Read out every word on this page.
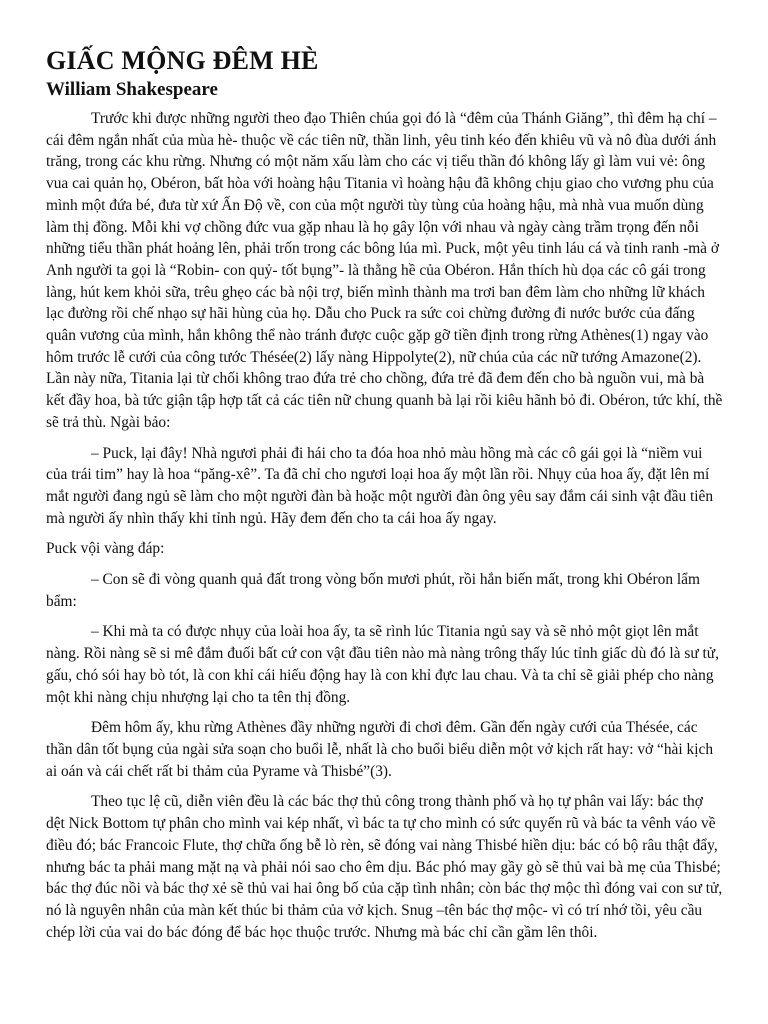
GIẤC MỘNG ĐÊM HÈ
William Shakespeare

Trước khi được những người theo đạo Thiên chúa gọi đó là “đêm của Thánh Giăng”, thì đêm hạ chí –cái đêm ngắn nhất của mùa hè- thuộc về các tiên nữ, thần linh, yêu tinh kéo đến khiêu vũ và nô đùa dưới ánh trăng, trong các khu rừng. Nhưng có một năm xấu làm cho các vị tiểu thần đó không lấy gì làm vui vẻ: ông vua cai quản họ, Obéron, bất hòa với hoàng hậu Titania vì hoàng hậu đã không chịu giao cho vương phu của mình một đứa bé, đưa từ xứ Ấn Độ về, con của một người tùy tùng của hoàng hậu, mà nhà vua muốn dùng làm thị đồng. Mỗi khi vợ chồng đức vua gặp nhau là họ gây lộn với nhau và ngày càng trầm trọng đến nỗi những tiểu thần phát hoảng lên, phải trốn trong các bông lúa mì. Puck, một yêu tinh láu cá và tinh ranh -mà ở Anh người ta gọi là “Robin- con quỷ- tốt bụng”- là thằng hề của Obéron. Hắn thích hù dọa các cô gái trong làng, hút kem khỏi sữa, trêu ghẹo các bà nội trợ, biến mình thành ma trơi ban đêm làm cho những lữ khách lạc đường rồi chế nhạo sự hãi hùng của họ. Dẫu cho Puck ra sức coi chừng đường đi nước bước của đấng quân vương của mình, hắn không thể nào tránh được cuộc gặp gỡ tiền định trong rừng Athènes(1) ngay vào hôm trước lễ cưới của công tước Thésée(2) lấy nàng Hippolyte(2), nữ chúa của các nữ tướng Amazone(2). Lần này nữa, Titania lại từ chối không trao đứa trẻ cho chồng, đứa trẻ đã đem đến cho bà nguồn vui, mà bà kết đầy hoa, bà tức giận tập hợp tất cả các tiên nữ chung quanh bà lại rồi kiêu hãnh bỏ đi. Obéron, tức khí, thề sẽ trả thù. Ngài bảo:

– Puck, lại đây! Nhà ngươi phải đi hái cho ta đóa hoa nhỏ màu hồng mà các cô gái gọi là “niềm vui của trái tim” hay là hoa “păng-xê”. Ta đã chỉ cho ngươi loại hoa ấy một lần rồi. Nhụy của hoa ấy, đặt lên mí mắt người đang ngủ sẽ làm cho một người đàn bà hoặc một người đàn ông yêu say đắm cái sinh vật đầu tiên mà người ấy nhìn thấy khi tỉnh ngủ. Hãy đem đến cho ta cái hoa ấy ngay.

Puck vội vàng đáp:

– Con sẽ đi vòng quanh quả đất trong vòng bốn mươi phút, rồi hắn biến mất, trong khi Obéron lẩm bẩm:

– Khi mà ta có được nhụy của loài hoa ấy, ta sẽ rình lúc Titania ngủ say và sẽ nhỏ một giọt lên mắt nàng. Rồi nàng sẽ si mê đắm đuối bất cứ con vật đầu tiên nào mà nàng trông thấy lúc tỉnh giấc dù đó là sư tử, gấu, chó sói hay bò tót, là con khỉ cái hiếu động hay là con khỉ đực lau chau. Và ta chỉ sẽ giải phép cho nàng một khi nàng chịu nhượng lại cho ta tên thị đồng.

Đêm hôm ấy, khu rừng Athènes đầy những người đi chơi đêm. Gần đến ngày cưới của Thésée, các thần dân tốt bụng của ngài sửa soạn cho buổi lễ, nhất là cho buổi biểu diễn một vở kịch rất hay: vở “hài kịch ai oán và cái chết rất bi thảm của Pyrame và Thisbé”(3).

Theo tục lệ cũ, diễn viên đều là các bác thợ thủ công trong thành phố và họ tự phân vai lấy: bác thợ dệt Nick Bottom tự phân cho mình vai kép nhất, vì bác ta tự cho mình có sức quyến rũ và bác ta vênh váo về điều đó; bác Francoic Flute, thợ chữa ống bễ lò rèn, sẽ đóng vai nàng Thisbé hiền dịu: bác có bộ râu thật đẩy, nhưng bác ta phải mang mặt nạ và phải nói sao cho êm dịu. Bác phó may gầy gò sẽ thủ vai bà mẹ của Thisbé; bác thợ đúc nồi và bác thợ xẻ sẽ thủ vai hai ông bố của cặp tình nhân; còn bác thợ mộc thì đóng vai con sư tử, nó là nguyên nhân của màn kết thúc bi thảm của vở kịch. Snug –tên bác thợ mộc- vì có trí nhớ tồi, yêu cầu chép lời của vai do bác đóng để bác học thuộc trước. Nhưng mà bác chỉ cần gầm lên thôi.
